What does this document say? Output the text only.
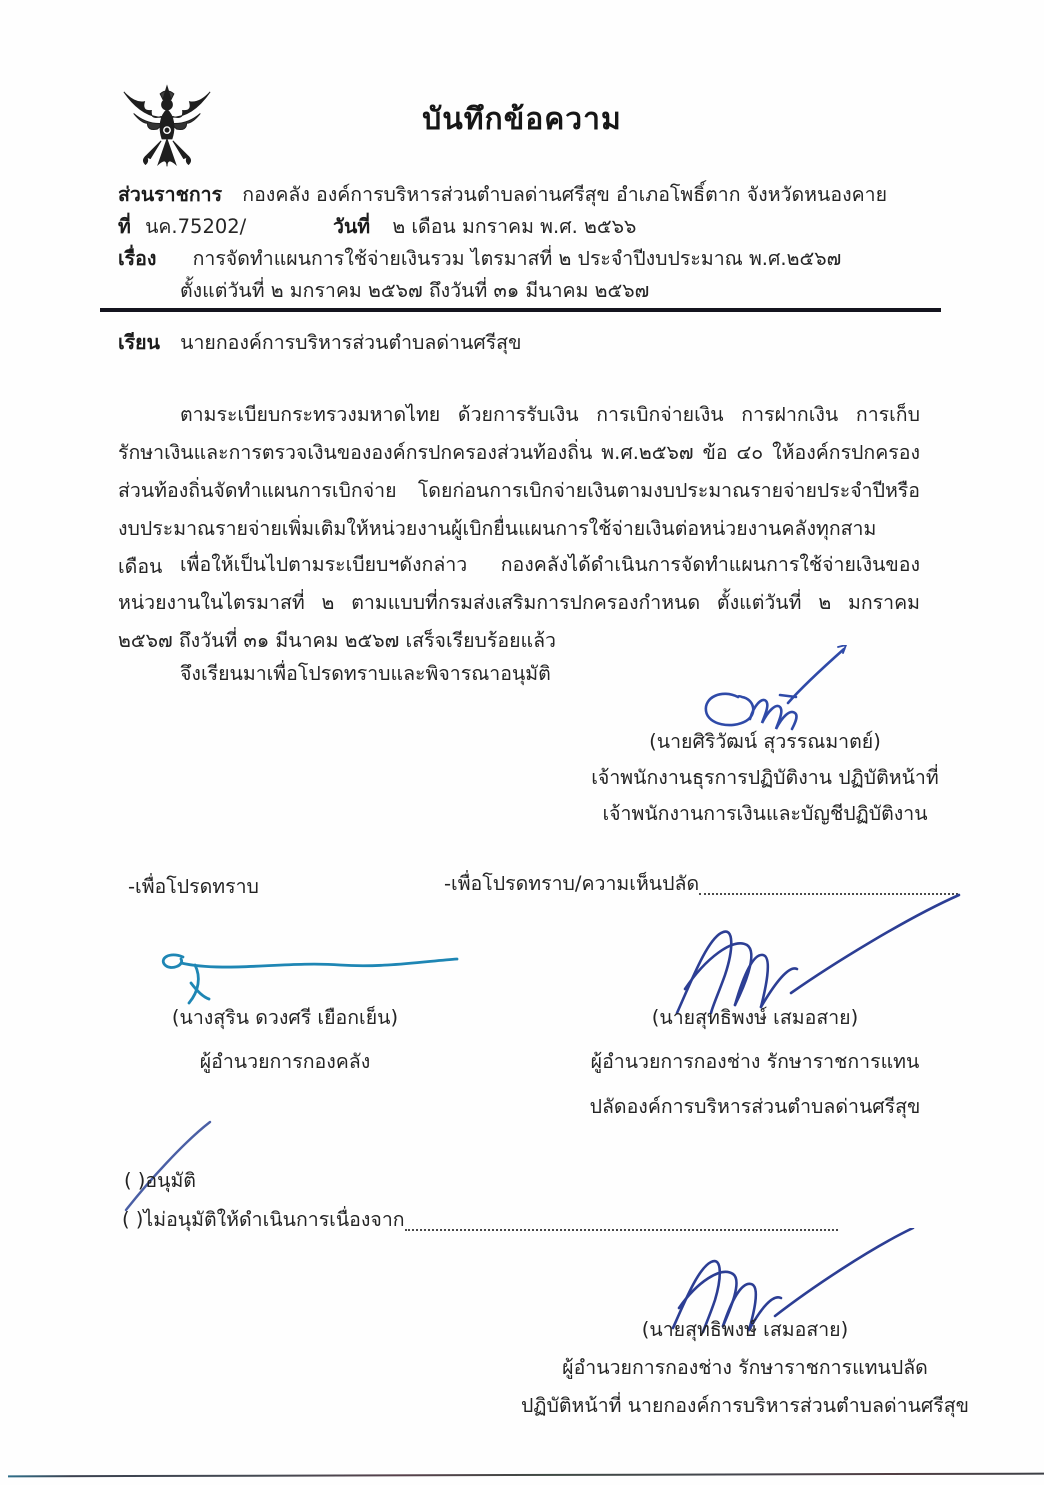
บันทึกข้อความ
ส่วนราชการ กองคลัง องค์การบริหารส่วนตำบลด่านศรีสุข อำเภอโพธิ์ตาก จังหวัดหนองคาย
ที่ นค.75202/	วันที่ ๒ เดือน มกราคม พ.ศ. ๒๕๖๖
เรื่อง การจัดทำแผนการใช้จ่ายเงินรวม ไตรมาสที่ ๒ ประจำปีงบประมาณ พ.ศ.๒๕๖๗
ตั้งแต่วันที่ ๒ มกราคม ๒๕๖๗ ถึงวันที่ ๓๑ มีนาคม ๒๕๖๗
เรียน นายกองค์การบริหารส่วนตำบลด่านศรีสุข
ตามระเบียบกระทรวงมหาดไทย ด้วยการรับเงิน การเบิกจ่ายเงิน การฝากเงิน การเก็บรักษาเงินและการตรวจเงินขององค์กรปกครองส่วนท้องถิ่น พ.ศ.๒๕๖๗ ข้อ ๔๐ ให้องค์กรปกครองส่วนท้องถิ่นจัดทำแผนการเบิกจ่าย โดยก่อนการเบิกจ่ายเงินตามงบประมาณรายจ่ายประจำปีหรืองบประมาณรายจ่ายเพิ่มเติมให้หน่วยงานผู้เบิกยื่นแผนการใช้จ่ายเงินต่อหน่วยงานคลังทุกสามเดือน เพื่อให้เป็นไปตามระเบียบฯดังกล่าว กองคลังได้ดำเนินการจัดทำแผนการใช้จ่ายเงินของหน่วยงานในไตรมาสที่ ๒ ตามแบบที่กรมส่งเสริมการปกครองกำหนด ตั้งแต่วันที่ ๒ มกราคม ๒๕๖๗ ถึงวันที่ ๓๑ มีนาคม ๒๕๖๗ เสร็จเรียบร้อยแล้ว
จึงเรียนมาเพื่อโปรดทราบและพิจารณาอนุมัติ
(นายศิริวัฒน์ สุวรรณมาตย์)
เจ้าพนักงานธุรการปฏิบัติงาน ปฏิบัติหน้าที่
เจ้าพนักงานการเงินและบัญชีปฏิบัติงาน
-เพื่อโปรดทราบ	-เพื่อโปรดทราบ/ความเห็นปลัด
(นางสุริน ดวงศรี เยือกเย็น)
ผู้อำนวยการกองคลัง
(นายสุทธิพงษ์ เสมอสาย)
ผู้อำนวยการกองช่าง รักษาราชการแทน
ปลัดองค์การบริหารส่วนตำบลด่านศรีสุข
( )อนุมัติ
( )ไม่อนุมัติให้ดำเนินการเนื่องจาก
(นายสุทธิพงษ์ เสมอสาย)
ผู้อำนวยการกองช่าง รักษาราชการแทนปลัด
ปฏิบัติหน้าที่ นายกองค์การบริหารส่วนตำบลด่านศรีสุข
